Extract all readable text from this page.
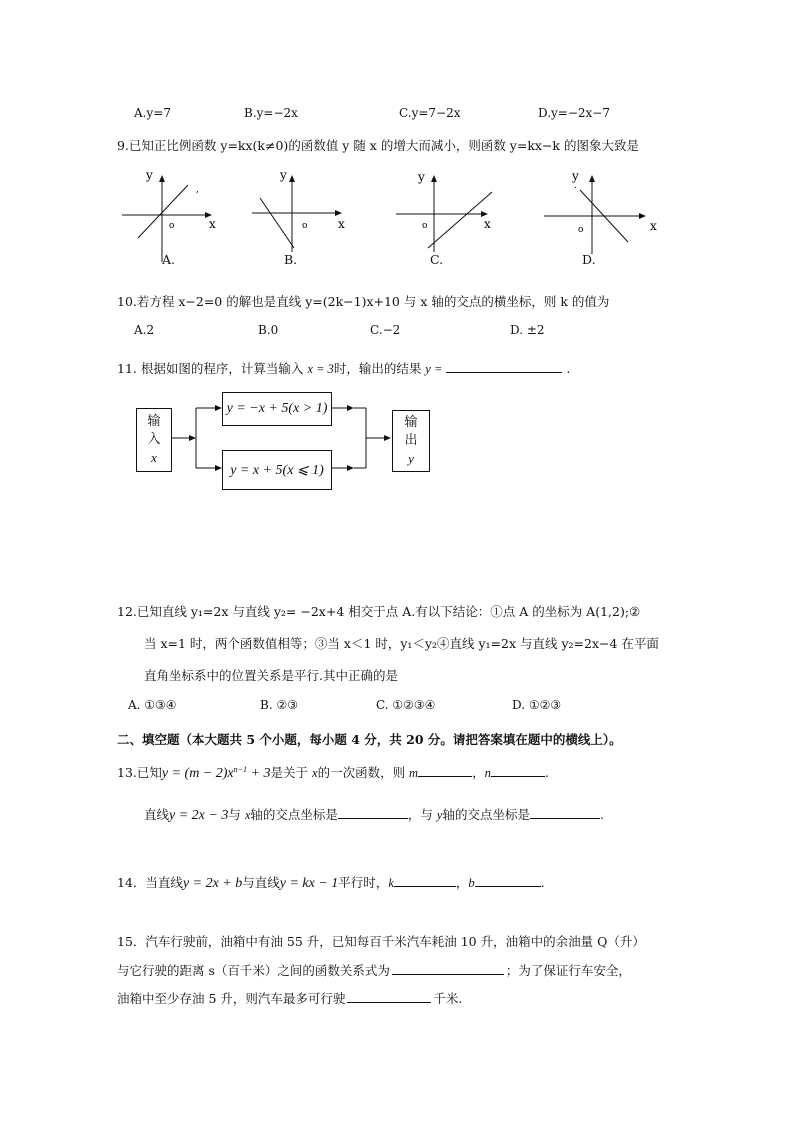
A.y=7	B.y=−2x	C.y=7−2x	D.y=−2x−7
9.已知正比例函数 y=kx(k≠0)的函数值 y 随 x 的增大而减小，则函数 y=kx−k 的图象大致是
y
x
o
,
A.
y
x
o
B.
y
x
o
C.
.
y
x
o
D.
10.若方程 x−2=0 的解也是直线 y=(2k−1)x+10 与 x 轴的交点的横坐标，则 k 的值为
A.2	B.0	C.−2	D. ±2
11. 根据如图的程序，计算当输入 x = 3时，输出的结果 y =	.
输
入
x
y = −x + 5(x > 1)
y = x + 5(x ⩽ 1)
输
出
y
12.已知直线 y₁=2x 与直线 y₂= −2x+4 相交于点 A.有以下结论：①点 A 的坐标为 A(1,2);②
当 x=1 时，两个函数值相等；③当 x＜1 时，y₁＜y₂④直线 y₁=2x 与直线 y₂=2x−4 在平面
直角坐标系中的位置关系是平行.其中正确的是
A. ①③④	B. ②③	C. ①②③④	D. ①②③
二、填空题（本大题共 5 个小题，每小题 4 分，共 20 分。请把答案填在题中的横线上）。
13.已知$y = (m - 2)x^{n-1} + 3$是关于 x的一次函数，则 m	，n	.
直线y = 2x − 3与 x轴的交点坐标是	，与 y轴的交点坐标是	.
14．当直线y = 2x + b与直线y = kx − 1平行时，k	，b	.
15．汽车行驶前，油箱中有油 55 升，已知每百千米汽车耗油 10 升，油箱中的余油量 Q（升）
与它行驶的距离 s（百千米）之间的函数关系式为	；为了保证行车安全，
油箱中至少存油 5 升，则汽车最多可行驶	千米.
